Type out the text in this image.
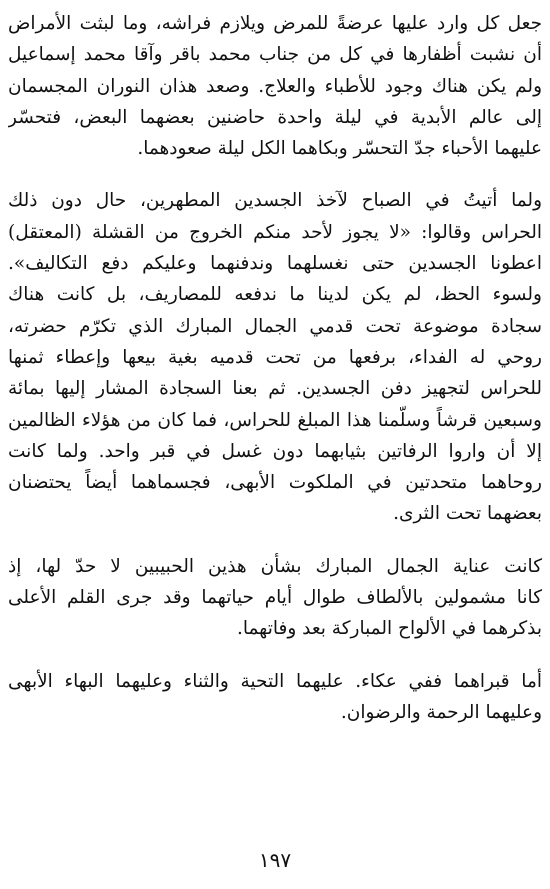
جعل كل وارد عليها عرضةً للمرض ويلازم فراشه، وما لبثت الأمراض
أن نشبت أظفارها في كل من جناب محمد باقر وآقا محمد إسماعيل
ولم يكن هناك وجود للأطباء والعلاج. وصعد هذان النوران المجسمان
إلى عالم الأبدية في ليلة واحدة حاضنين بعضهما البعض، فتحسّر
عليهما الأحباء جدّ التحسّر وبكاهما الكل ليلة صعودهما.
ولما أتيتُ في الصباح لآخذ الجسدين المطهرين، حال دون ذلك
الحراس وقالوا: «لا يجوز لأحد منكم الخروج من القشلة (المعتقل)
اعطونا الجسدين حتى نغسلهما وندفنهما وعليكم دفع التكاليف».
ولسوء الحظ، لم يكن لدينا ما ندفعه للمصاريف، بل كانت هناك
سجادة موضوعة تحت قدمي الجمال المبارك الذي تكرّم حضرته،
روحي له الفداء، برفعها من تحت قدميه بغية بيعها وإعطاء ثمنها
للحراس لتجهيز دفن الجسدين. ثم بعنا السجادة المشار إليها بمائة
وسبعين قرشاً وسلّمنا هذا المبلغ للحراس، فما كان من هؤلاء الظالمين
إلا أن واروا الرفاتين بثيابهما دون غسل في قبر واحد. ولما كانت
روحاهما متحدتين في الملكوت الأبهى، فجسماهما أيضاً يحتضنان
بعضهما تحت الثرى.
كانت عناية الجمال المبارك بشأن هذين الحبيبين لا حدّ لها، إذ
كانا مشمولين بالألطاف طوال أيام حياتهما وقد جرى القلم الأعلى
بذكرهما في الألواح المباركة بعد وفاتهما.
أما قبراهما ففي عكاء. عليهما التحية والثناء وعليهما البهاء الأبهى
وعليهما الرحمة والرضوان.
١٩٧
